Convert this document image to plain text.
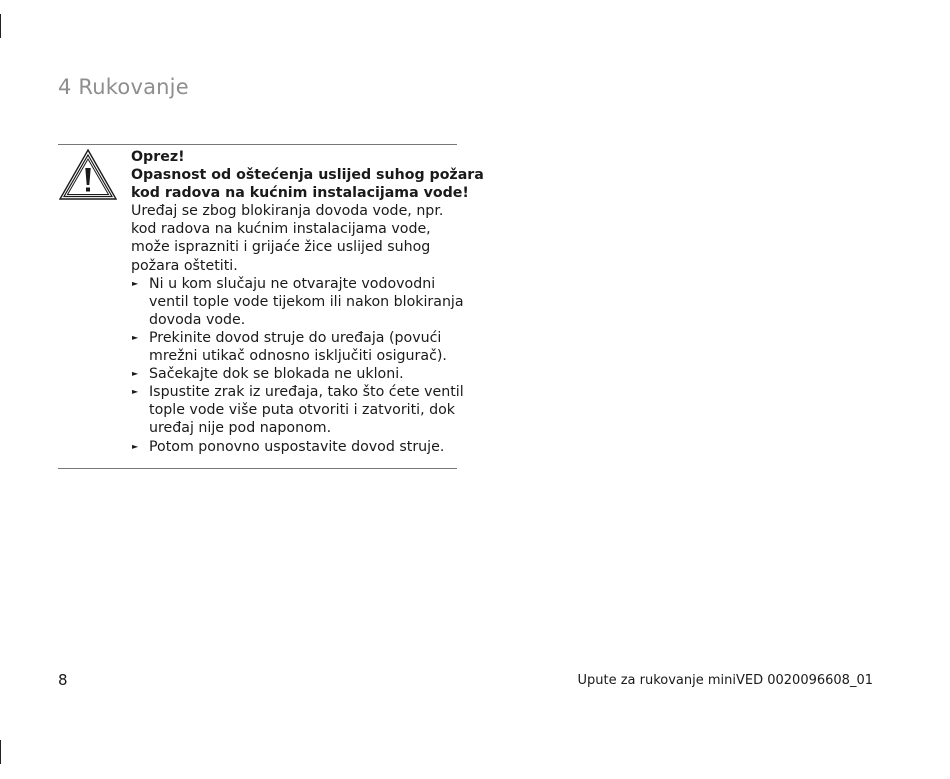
4 Rukovanje
Oprez!
Opasnost od oštećenja uslijed suhog požara
kod radova na kućnim instalacijama vode!
Uređaj se zbog blokiranja dovoda vode, npr.
kod radova na kućnim instalacijama vode,
može isprazniti i grijaće žice uslijed suhog
požara oštetiti.
► Ni u kom slučaju ne otvarajte vodovodni
ventil tople vode tijekom ili nakon blokiranja
dovoda vode.
► Prekinite dovod struje do uređaja (povući
mrežni utikač odnosno isključiti osigurač).
► Sačekajte dok se blokada ne ukloni.
► Ispustite zrak iz uređaja, tako što ćete ventil
tople vode više puta otvoriti i zatvoriti, dok
uređaj nije pod naponom.
► Potom ponovno uspostavite dovod struje.
8	Upute za rukovanje miniVED 0020096608_01
